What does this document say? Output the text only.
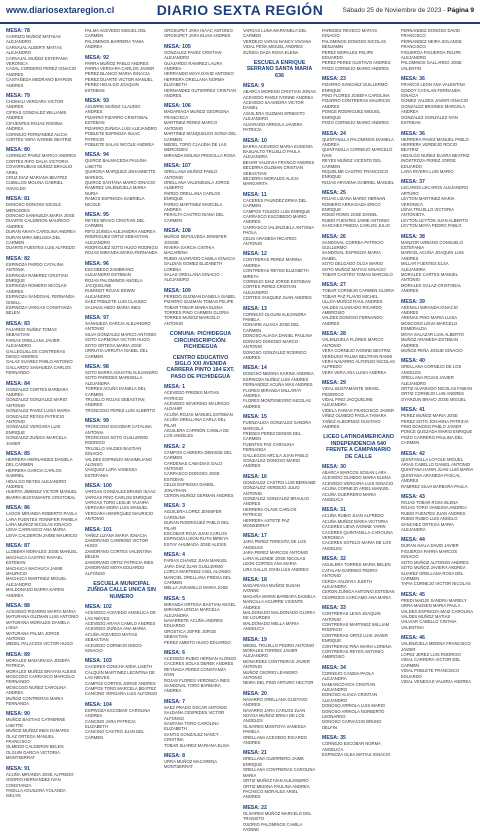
www.diariosextaregion.cl	DIARIO SEXTA REGIÓN	Sábado 25 de Noviembre de 2023 - Página 9
MESA: 78
CARRIZO MUÑOZ MATHIAS ALEJANDRO
CARVAJAL ALBERTI MATIAS ALEJANDRO
CARVAJAL MUÑOZ ESTEFANIA VERONICA
CASAL CORDERO PEREZ IGNACIO ANDRES
CASTAÑEDA MEDRANO BAYRON ANDRES
MESA: 79
CHOMALI VERGARA VICTOR ANDRES
CIFRAS GONZALEZ WILLIAMS ANDRES
CIFUENTES ROJAS ROMINA ANDREA
CORNEJO FERNANDEZ ALICIA
CORTÉS VERA IVONNE BEATRIZ
MESA: 80
CORNEJO PAVEZ MARCO ANDRES
CORTES RIFO DALIA VICTORIA
COVARRUBIAS MUÑOZ BRAULIO ARIEL
CRUZ DIAZ MARIANA BEATRIZ
CUBILLOS MOLINA GABRIEL OSVALDO
MESA: 81
DONOSO DONOSO NICOLE MERCEDES
DONOSO SANHUEZA MARIA JOSE
DUARTE CALDERON MAURICIO ANDRES
DURAN ARAYA CAROLINA ANDREA
DURAN MIRA MELISSA DEL CARMEN
DUARTE FUENTES LUIS ALFREDO
MESA: 82
ESPINOZA PARDO CATALINA ANTONIA
ESPINOZA RAMIREZ CRISTIAN ENRIQUE
ESPINOZA ROMERO NICOLAS ANDRES
ESPINOZA SANDOVAL FERNANDA GISELL
ESPINOZA VARGAS CONSTANZA BELEN
MESA: 83
FAJARDO NUÑEZ TOMAS SEBASTIAN
FARIAS ORELLANA JAVIER ALEJANDRO
GALLEGUILLOS CONTRERAS DIEGO ANDRES
GALAZ SUAREZ PABLO ANTONIO
GALLARDO SANHUEZA CARLOS FERNANDO
MESA: 84
GONZALEZ CORTES BARBARA ANDREA
GONZALEZ GONZALEZ MARIO ANTONIO
GONZALEZ PAVEZ LUISA MARIA
GONZALEZ REYES PATRICIO ANTONIO
GONZALEZ VERGARA LUIS ENRIQUE
GONZALEZ ZUÑIGA MARCELA JAVIER
MESA: 85
HERRERA HERNANDEZ DANIELA DEL CARMEN
HERRERA GARCIA CARLOS GABRIEL
HIDALGO REYES ALEJANDRO ANDRES
HUERTA JIMENEZ VICTOR MANUEL
IBARRA BUSTAMANTE CRISTOBAL
MESA: 86
LAGOS MIRANDA ROBERTO PAOLA
LARA FUENTES YENNIFER PAMELA
LARA MUÑOZ NICOLAS IGNACIO
LEIVA CARRASCO ANA MARIA
LEIVA CALDERON JAIME MAURICIO
MESA: 87
LLOBERA MORALES JOSE MANUEL
MACHUCA CASTRO RAFAEL ESTEBAN
MACHUCA MACHUCA JAIME MAURICIO
MACHUCA MARTINEZ MIGUEL ALEJANDRO
MALDONADO BARRA KAREN ANDREA
MESA: 88
ACEVEDO PIZARRO MARTA MARIA
MATURANA GUZMAN LUIS ANTONIO
MATURANA MORALES DANIELA LISSA
MATURANA PALMA JORGE ANTONIO
MEDEL PALACIOS VICTOR HUGO
MESA: 89
MORALES MADARIAGA JOSEFA PATRICIA
MORALES MUÑOZ BRAYAN ALEXIS
MOSCOSO CARRASCO MARCELO FERNANDO
MOSCOSO NUÑEZ CAROLINA ANDREA
MUÑOZ CONTRERAS MARIA FERNANDA
MESA: 90
MUÑOZ BASTIAS CATHERINE LISETTE
MUÑOZ MUÑOZ INES DAMARIS
OLAZ ORTEGA MANUEL FRANCISCO
OLMEDO CALDERON BELEN
OLGUIN GARCIA VICTORIA MONTSERRAT
MESA: 91
ACUÑA MIRANDA JOSE ALFREDO
OSORIO HERNANDEZ IVAN CONSTANZA
PADILLA AGUILERA YOLANDA ISELYN
PALMA ACEVEDO MIGUEL DEL CARMEN
PALOMINOS BARRERA TANIA ANDREA
MESA: 92
PARRA MUÑOZ PABLO ANDRES
PARRA VERGARA CARLOS JAVIER
PEREZ BLANCO MARIA IGNACIA
PEREZ DUARTE VICTOR MANUEL
PEREZ HIDALGO JOAQUIN ESTEBAN
MESA: 93
AGUIRRE MUÑOZ CLAUDIO ANDRES
PIZARRO PIZARRO CRISTOBAL ESTEBAN
PIZARRO ZUÑIGA LUIS ALEJANDRO
POBLETE ESPINOZA ISAAC PATRICIO
POBLETE SALAS NICOLE ANDREA
MESA: 94
QUIROZ BALMACEDA PAULINA LISETTE
QUIROGA MARQUEZ JOHANNETTE MARISOL
QUIROZ SANTANA MARIO IGNACIO
RAMIREZ VALENZUELA MARIA NURIA
RAMOS ESPINOZA GABRIELA NICOLE
MESA: 95
REYES BRAVO CRISTIAN DEL CARMEN
RIFO ZUÑIGA ALEJANDRA ANDREA
RODRIGUEZ ORTIZ SEBASTIAN ALEJANDRO
RODRIGUEZ SOTO HUGO RODRIGO
ROJAS MIRANDA MARIA FERNANDA
MESA: 96
ESCOBEDO ZAMBRANO ALEJANDRO ESTEBAN
ROJAS PALOMINOS ANGELA JACQUELINE
RUMINOT ROJAS EDWIN ALEJANDRO
SAEZ POBLETE LUIS CLAUDIO
SALINAS ABDO MARIA INES
MESA: 97
SANHUEZA GARCIA ALEJANDRO ANTONIO
SILVA GONZALEZ MARCO ANTONIO
SOTO CARMONA VICTOR HUGO
SOTO ORTEGA MARIA JOSE
URRUTIA URRUTIA ISABEL DEL CARMEN
MESA: 98
SOTO BARRA AGUSTIN ALEJANDRO
SOTO PAREDES MARISELLA ALEJANDRA
TORRES ACUÑA DANIELA DEL CARMEN
TRUJILLO ROJAS SEBASTIAN ANDRES
TRONCOSO PEREZ LUIS ALBERTO
MESA: 99
TRONCOSO ESCOBAR CATALINA ANTONIA
TRONCOSO SOTO GUILLERMO RODRIGO
TRUJILLO VALDES BASTIAN IGNACIO
VALDES ESPINOZA MAXIMILIANO ALONSO
VASQUEZ LARA VANESSA ESTEFANIA
MESA: 100
VARGAS GONZALEZ BRUNO ISAAC
VARGAS PINO CARLOS ENRIQUE
VARGAS TORO LESLIE YAJAIRA
VERGARA MORA LUIS MANUEL
VERGARA HENRIQUEZ MAURICIO ANTONIO
MESA: 101
YAÑEZ LIZANA MARIA IGNACIA
ZAMORANO CARREÑO VICTOR HUGO
ZAMORANO CORTES VALENTINA BELEN
ZAMORANO ORTIZ PATRICIA INES
ZAMORANO MOYA EDUARDO ALFONSO
ESCUELA MUNICIPAL ZUÑIGA CALLE UNICA SIN NUMERO
MESA: 102
ACEVEDO ACEVEDO ANGELICA DE LAS NIEVES
ACEVEDO ARAYA CAMILO ANDRES
ACEVEDO ZUÑIGA ANA MARIA
ACUÑA ACEVEDO MATIAS SEBASTIAN
ACEVEDO CORNEJO DIEGO IGNACIO
MESA: 103
CACERES CONCHA NIDIA LISETH
CALQUIN MARTINEZ LEONTINA DE LAS NIEVES
CAMPOS CORTES JORGE ANDRES
CAMPOS TORO MARCELA BEATRIZ
CANCINO VERGARA LUIS ALFONSO
MESA: 104
ESPINOZA ESCOBAR CAROLINA ANDREA
CANCINO JARA PATRICIA ELIZABETH
CANCINO CASTRO JUAN DEL CARMEN
OROSUPET JARA ISAAC ANTONIO
OROSUPET JARA ELIAS ANDRES
MESA: 105
GONZALEZ PAVEZ CRISTIAN ALEJANDRO
GUAJARDO RAMIREZ LAURA ANDREA
HERRANDO MAYA DAVID ANTONIO
HERRERA ORELLANA NORMA ELIZABETH
HERNANDEZ GUTIERREZ CRISTIAN ANDRES
MESA: 106
MADARIAGA MUÑOZ GEORGINA FRANCISCA
MARTINEZ PEREZ MARCO ANTONIO
MARTINEZ MANQUELEO SONIA DEL CARMEN
MEDEL TORO CLAUDIA DE LAS MERCEDES
MIRANDA MOLINA PRISCILLA ROSA
MESA: 107
ORELLANA MUÑOZ PABLO ANTONIO
ORELLANA VALENZUELA JORGE ALBERTO
PARDO ORELLANA CARLOS ENRIQUE
PARDO MARTINEZ MARCELA ANDREA
PERALTA CASTRO DIANA DEL CARMEN
MESA: 108
MUÑOZ SEPULVEDA JENNIFER JOSSIE
RIVERA GARCIA CINTHIA MACARENA
RUBIO ALVARADO CAMILA IGNACIA
SALDIAS GOMEZ ELIZABETH LORENA
SALAS ORELLANA IGNACIO ALEJANDRO
MESA: 109
PEREDO GUZMAN DANIELA ISABEL
PIZARRO GUZMAN TOMAS FELIPE
TOBAR TOBAR MARIA ELENA
TORRES PINO CARMEN GLORIA
TORRES MUÑOZ MARCELO ANTONIO
COMUNA: PICHIDEGUA CIRCUNSCRIPCIÓN: PICHIDEGUA
CENTRO EDUCATIVO SIGLO XXI AVENIDA CARRERA PINTO 164 EXT. PASO DE PICHIDEGUA
MESA: 1
ACEVEDO FREDES MATIAS PATRICIO
ACEVEDO SEVERINO MAURICIO ALDAHIR
ACUÑA ROJAS MANUEL ESTEBAN
ACUÑA ORELLANA CARLA DEL PILAR
AGUILERA CARRIÓN CAMILA DE LOS ANGELES
MESA: 2
CAMPOS CABRERA DENISSE DEL CARMEN
CARDENAS CABADIAS GALO ANTONIO
CARRASCO DONOSO JOSE ESTEBAN
CELIS ESPINOZA DANIEL JONATHAN
CERON MUÑOZ GERMAN ANDRES
MESA: 3
AGUILERA LOPEZ JENNIFER CAROLINA
DURAN RODRIGUEZ PABLO DEL PILAR
ESCOBAR ROJA JUAN CARLOS
ESPINOZA LISON RUTH MIREYA
ESTAY AHUMADA JOSE ALEXIS
MESA: 4
FARIAS CHAVEZ JUAN MANUEL
JARA DIAZ JUAN GUILLERMO
LORCA MARTINEZ AXEL ALONSO
MANCIEL ORELLANA FRESIA DEL CARMEN
MELLA JARAMILLO MARIA JOSE
MESA: 5
MIRANDA ORTEGA BASTIAN ANGEL
MIRANDA URZUA MARCELA ALEJANDRA
NAVARRETE ACUÑA ANDRES EDUARDO
OROSTICA JOFRE JORGE SEBASTIAN
PEREZ AMBITO HUGO EDUARDO
MESA: 6
ACEVEDO RUBIO HERNAN ALONSO
CACERES SOLAS DEREK ANDRES
REYNAGA PEREZ CONSTANZA IVON
ROJAS FLORES VERONICA INES
SANDOVAL TORO BARBARA ANDREA
MESA: 7
SAEZ PRADO OSCAR ANTONIO
SALDAÑA CESPEDES VICTOR ALFONSO
SANTANA TORO CAROLINA ELIZABETH
SANTIS GONZALEZ NANCY CRISTINA
TOBAR SUAREZ MARIANA ELISA
MESA: 8
URRA MUÑOZ MACARENA MONTSERRAT
VARGAS LUNA MARIANELA DEL CARMEN
VERDEJO VARAS NANCY VIVIANA
VIDAL PEÑA MIGUEL ANDRES
ZUÑIGA DAZA ROSA ELENA
ESCUELA ENRIQUE SERRANO SANTA MARIA 636
MESA: 9
ABARCA MORENO CRISTIAN JONAS
ACEVEDO PAVEZ IVONNE ANDREA
ACEVEDO SAAVEDRA VICTOR DANIEL
AGUILERA GUZMAN ERNESTO ALEJANDRO
ALVARADO ARRIOLA JAVIERA PATRICIA
MESA: 10
BARRA ACEVEDO MARIA EUGENIA
BASUALTO TRUJILLO PAULA ALEJANDRA
BEHAR VALDIVIA FRANCO ANDRES
BECERRA GUZMAN CRISTIAN SEBASTIAN
BECERRA MORALES ALICIA MARGARITA
MESA: 11
CACERES FAUNDEZ ERIKA DEL CARMEN
CAMPOS TOLEDO LUIS ENRIQUE
CARRASCO ESCOBEDO MARIO ANDRES
CARRASCO VALENZUELA ANTONIA PAOLA
CELIS ARANEDA RICARDO ANTONIO
MESA: 12
CONTRERAS PEREZ MARINA ANDREA
CONTRERAS REYES ELIZABETH MIREYA
CORNEJO DIAZ JORGE ESTEBAN
CORTES PEREZ CRISTIAN ALEJANDRO
CORTES VASQUEZ JUAN ANDRES
MESA: 13
CORNEJO OLGUIN ALEJANDRA PAMELA
DONAIRE ALIAGA JOSE DEL CARMEN
DONOSO ALIAGA DANIEL PAULINA
DONOSO DONOSO MARCO ANTONIO
DONOSO GONZALEZ RODRIGO ANDRES
MESA: 14
DONOSO MEDINA KARINA ANDREA
ESPINOZA NUÑEZ LUIS ANDRES
FERNANDEZ ACUÑA MAX ANDRES
FLORES MIRANDA MILLARAY ANDREA
FLORES MONTENEGRO NICOLAS ANDRES
MESA: 15
FUENZALIDA GONZALEZ SANDRA MARCELA
FREDES PEREZ DENISE DEL CARMEN
FUENTES PAZ CAROLINA FERNANDA
GALLEGOS ARCILA JUAN PABLO
GONZALEZ DONOSO MARIO ANDRES
MESA: 16
GONZALEZ CASTRO LUIS BERNABE
GONZALEZ VERDEJO JULIO ANTONIO
GONZALEZ GONZALEZ BRAULIO ANDRES
HERRERA OLAVE CARLOS PATRICIO
HERRERA ASTETE PAZ MONSERRAT
MESA: 17
JARA PEREZ TERESITA DE LOS ANGELES
JARA PEREZ MARCOS ANTONIO
LARA ALLENDE JOSE NICOLAS
LEON CORTES ANA MARIA
LIRA GALLO JOHN LUIS ANDRES
MESA: 18
MADARIAGA MUÑOZ SUSAN IVONNE
MAGAÑA MARIN BARBARA DANIELA
MANCILLA AGUIRRE VICENTE ANDRES
MALDONADO MALDONADO GLORIA DE LOURDES
MALDONADO MELLA MARIA ANGELICA
MESA: 19
MEDEL TRUJILLO PEDRO ANTONIO
MORALES TORRES JAVIER ALEJANDRO
MONARDEZ CONTRERAS JAVIER ANTONIO
MUÑOZ OSORIO LEANDRO ANTONIO
NEIRA DEL PINO ARTURO HECTOR
MESA: 20
NAVARRO ORELLANA GUSTAVO ANDRES
NAVARRO JARA CARLOS JUAN
NOVOA MUÑOZ ERIKA DE LOS ANGELES
OLIVARES MONTOYA VANESSA PAMELA
ORELLANA ACEVEDO RICARDO ANDRES
MESA: 21
ORELLANA GUERRERO JAIME ENRIQUE
ORELLANA CONTRERAS CAROLINA MARIA
ORTIZ MUÑOZ IVAN ALEJANDRO
ORTIZ MEDINA PAULINA ANDREA
PACHECO MORALES ARIEL ANDRES
MESA: 22
OLIVARES MUÑOZ MARCELO DEL TRANSITO
OSORIO PALOMINOS CAMILA IVONNE
PAREDES REVECO MATIAS IGNACIO
PALOMINOS DONOSO NICOLAS BENJAMIN
PEREZ MORALES FELIPE EDUARDO
PEREZ PEREZ GUSTAVO ANDRES
POZO CORNEJO MARIO ANDRES
MESA: 23
PIZARRO SANCHEZ GUILLERMO ENRIQUE
PINO FLORES JOSEFA CAROLINA
PIZARRO CONTRERAS MAURICIO ANDRES
PONCE RODRIGUEZ MIGUEL ENRIQUE
POZO CORNEJO MARIO ANDRES
MESA: 24
QUINTANILLA PALOMINOS DANIELA ANDREA
QUINTANILLA CORNEJO MARCELO IVAN
REYES MUÑOZ VICENTE DEL CARMEN
RIQUELME CASTRO FRANCISCO ENRIQUE
ROJAS ARAVENA GABRIEL MANUEL
MESA: 25
ROJAS LIZANA MARIO HERNAN
ROMERO ARRIAGADA ERICO ENRIQUE
ROMO ROMO JOSE DANIEL
RUBIO FUENTES JAIME ANTONIO
SANCHEZ PINEDA CARLOS JULIO
MESA: 26
SANDOVAL CORREA PATRICIO GUILLERMO
SANDOVAL ESPINOZA MARIA ISABEL
SOTO DELGADO OLGA MARIO
SOTO MUÑOZ MATIAS IGNACIO
TOBAR CASTRO TOMAS MARCELO
MESA: 27
TOBAR CORNEJO CARMEN GLORIA
TOBAR PAZ FLAVIO MICHEL
ULLOA MUÑOZ RAUL ANDRES
VALDES ALVARADO RICARDO AMBROSIO
VALDES DONOSO FERNANDO ANDRES
MESA: 28
VALENZUELA FLORES MARCO ANTONIO
VERA CORNEJO IVONNE BEATRIZ
VERDUGO PALMA BELTRAN RANNI
VERA NAVARRO ALFONSO NICOLAS ALFREDO
VERA VERA ANA LUISA ANDREA
MESA: 29
VIDAL BUSTAMANTE ISRAEL FEDERICO
VIDAL PINO JACQUELINE ALEJANDRA
VIDELA FARIAS FRANCISCO JAVIER
VIÑEZ OLMEDO PAOLA TAMARA
YAÑEZ ALBORNOZ GUSTAVO ANDRES
LICEO LATINOAMERICANO INDEPENDENCIA 540 FRENTE A CAMPANARIO DE CALLE
MESA: 30
ABARCA MARCOS SOSAN LARA
ACEVEDO OLMEDO MARIA ELENA
ACEVEDO VERGARA LUIS IGNACIO
ACUÑA CORNEJO ARIEL MANUEL
ACUÑA GUERRERO MARIA ANGELICA
MESA: 31
ACUÑA RUBIO JUAN ALFREDO
ACUÑA MUÑOZ MARIA VICTORIA
CACERES LIEVA IVONNE YARIN
CACERES QUINTANILLA CAROLINA VERONICA
CACERES SOTELO MARIA DE LOS ANGELES
MESA: 32
AGUILERA TORRES MARIA BELEN
CATALAN GARRIDO PEDRO ANTONIO
CERDA VALDIVIA JUDITH ALEJANDRA
CERON ZUÑIGA ANTONIO ESTEBAN
CESPEDES CARCAMO ANA MARIA
MESA: 33
CONTRERAS LEIVA JOAQUIN ANTONIO
CONTRERAS MARTINEZ WILLIAM RODRIGO
CONTRERAS ORTIZ LUIS JAVIER ENRIQUE
CONTRERAS PIÑA MARIA LORENA
CONTRERAS REYES ANTONIO AMBROSIO
MESA: 34
CORNEJO CANDIA PAOLA ALEJANDRA
DAMIANCOVICH CRISTIAN ALEJANDRO
DONOSO ALIAGA CRISTIAN ALEJANDRO
DONOSO ARRIOLA LUIS MARIO
DONOSO ARRIOLA NORBERTO LEONARDO
DONOSO CARVACHO BRUNO DELFIN
MESA: 35
CORNEJO ESCOBAR NORMA ANGELICA
ESPINOZA OLEA MATIAS IGNACIO
FERNANDEZ DONOSO DAVID FRANCISCO
FERNANDEZ NEIRA SOLANGE FRANCISCO
FIGUEROA FIGUEROA FELIPE ALEJANDRO
PALOMINOS GALLARDO JOSE VALENTIN
MESA: 36
FRANCIS LEON ANA VALENTINA
GODOY CATALAN FERNANDA IGNACIA
GOMEZ VALDES JAVIER IGNACIO
GONZALEZ BRIONES MARCELA ANDREA
GONZALEZ GONZALEZ IVAN ESTEBAN
MESA: 36
HERRERA PAVEZ MANUEL PABLO
HERRERA VERDEJO ROCIO BEATRIZ
HIDALGO NUÑEZ ELVIRA BEATRIZ
INOSTROZA PEREZ JORGE EDUARDO
LARA RIVERA LUIS MARIO
MESA: 37
LECAROS LECAROS ALEJANDRO ARTURO
LEYTON MARTINEZ MARIA VERONICA
LEIVA TRUJILLO VICTORIA ANTONIETA
LEYTON LEYTON JUAN ALBERTO
LEYTON MOYA PEDRO PABLO
MESA: 38
MANZOR URBANO CONSUELO ESTEFANIA
MARCEL ACUÑA JOAQUIN LUIS ANDRES
MILLAR FUENTES ELSA ALEJANDRA
MORALES CARTES MANUEL ANTONIO
MORALES GALAZ CRISTOBAL ANDRES
MESA: 39
ARENALI MIRANDA IGNACIO ANDRES
ARENAS PINO MARIA LUISA
MOSCOSO LEIVA MARCELO ESMERALDA
MOYA SALAZAR LUIS ALBERTO
MUÑOZ ARANEDA ESTEBAN ANDRES
MUÑOZ PEÑA JOSUE IGNACIO
MESA: 40
ORELLANA CORNEJO DE LOS ANGELES
ORELLANA ROJAS JAVIER ALEJANDRO
ORTIZ ALVARADO NICOLAS FABIAN
ORTIZ CORNEJO LUIS ANDRES
OYARZUN BRAVO JOSE MIGUEL
MESA: 41
PEREZ MUÑOZ MARIA JOSE
PEREZ SOTO JOHANNA PATRICIA
PINO DONOSO PABLO JAVIER
PONCE QUEZADA MARIO ENRIQUE
POZO CARRERO PAULINA DEL CARMEN
MESA: 42
QUINTANILLA LOYOLE MIGUEL
ARIAS CABELLO DANIEL ANTONIO
QUINTANA HARIN JUAN LUIS MARIA
QUINTANA ARANEDA PASCAL ANDRES
RAMIREZ SILVA BARBARA PAULA
MESA: 43
ROJAS TOBAR ROSA ELENA
ROJAS TORO VANESSA ANDREA
RUBIO FUENTES JUAN ANDRES
RUBIO RUBIO LUIS ANGELO
SANCHEZ ORTEGA MARIA ALEJANDRA
MESA: 44
DURAN AVALA DAVID JAVIER
FIGUEROA PARRA MARCOS IGNACIO
SOTO MUÑOZ ALFONSO ANDRES
SOTO MUÑOZ JAVIERA ANDREA
SUAREZ ORELLANA ROSA DEL CARMEN
TAPIA CORNEJO VICTOR NICOLAS
MESA: 45
PREDI MADJE SANDRA MARIELY
URRA MADSEN MARIA PAULA
VALDES ESPINOZA MAIZ CAROLINA
VALDES MUÑOZ MATIAS
VALVIAR CABELLO CINTHIA VALENTINA
MESA: 46
VALENZUELA MEDINA FRANCISCO JAVIER
LOPEZ JEREZ LUIS RODRIGO
VIDAL CARRERA VICTOR DEL CARMEN
VIDAL POBLETE FRANCISCO EDUARDO
VIDAL VENEGAS VALERIA ANDREA
